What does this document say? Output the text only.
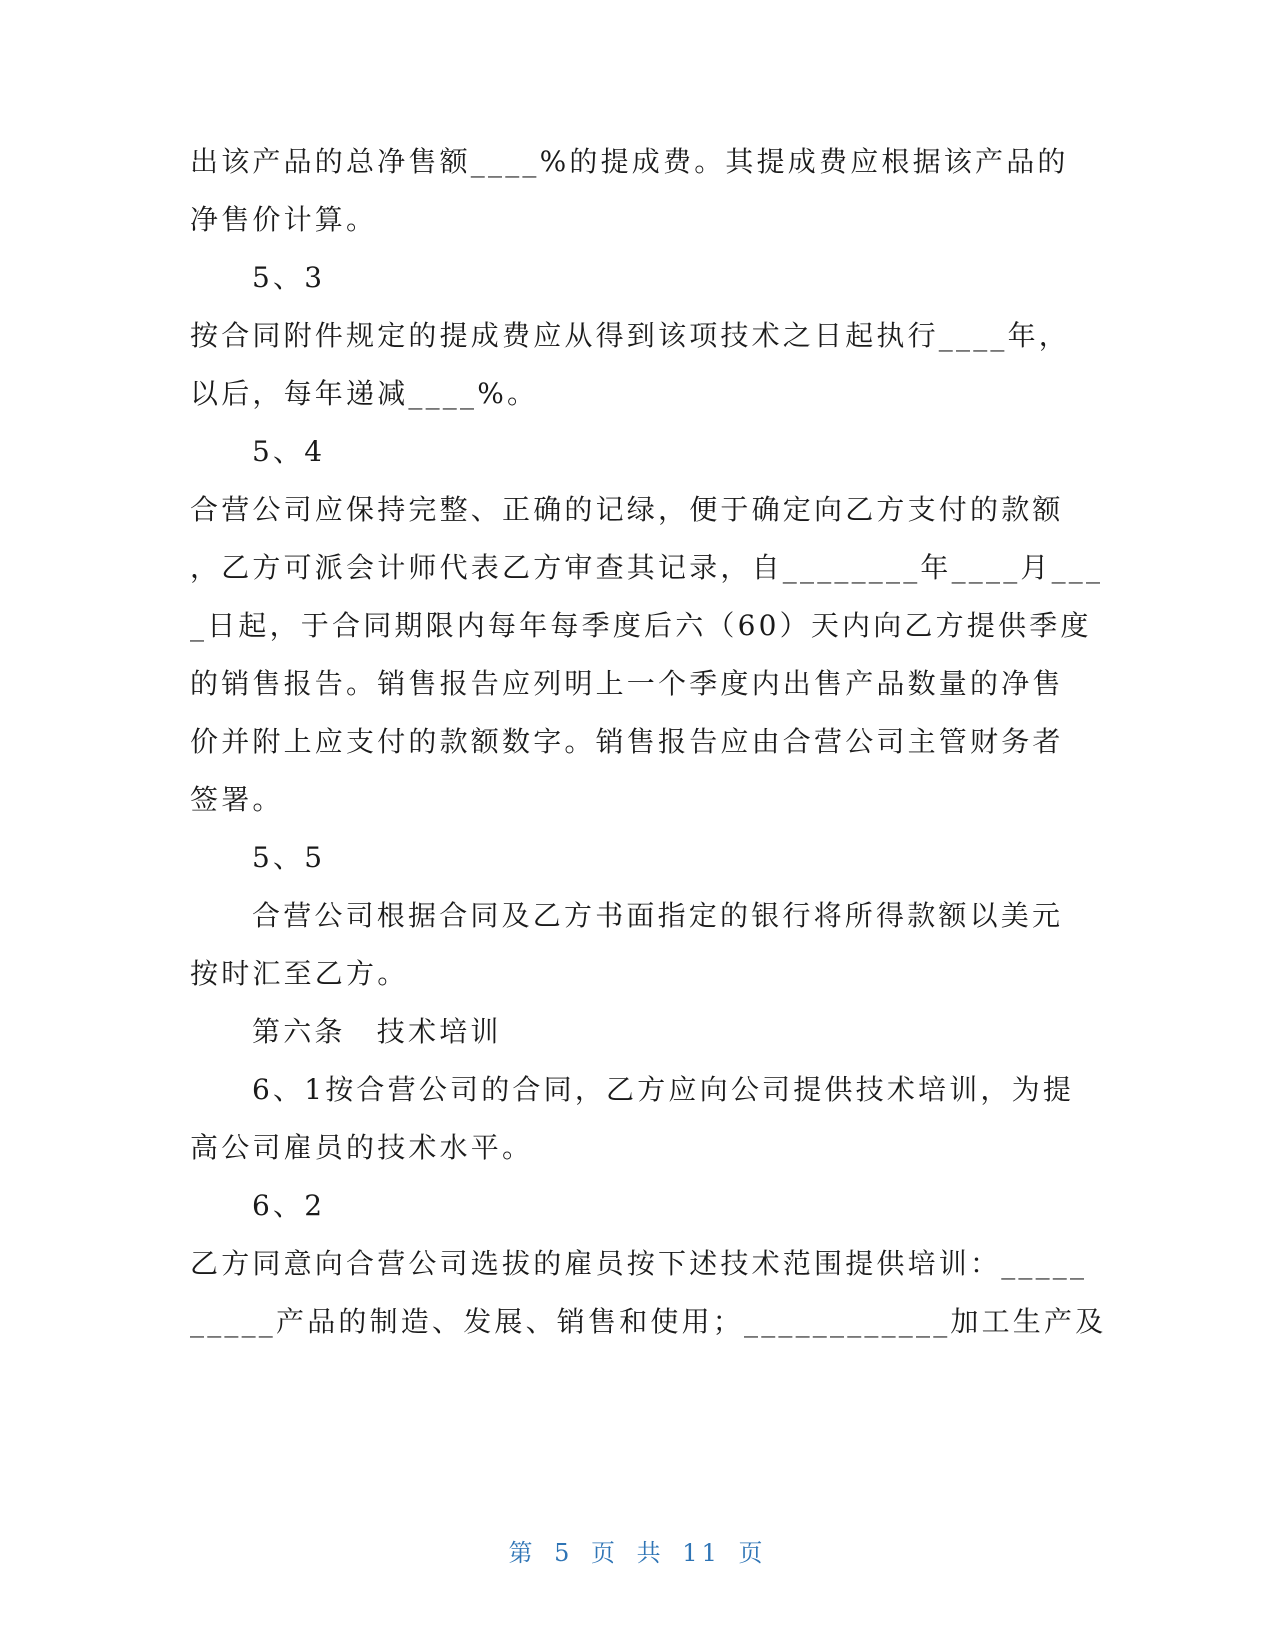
出该产品的总净售额____%的提成费。其提成费应根据该产品的
净售价计算。
5、3
按合同附件规定的提成费应从得到该项技术之日起执行____年，
以后，每年递减____%。
5、4
合营公司应保持完整、正确的记绿，便于确定向乙方支付的款额
，乙方可派会计师代表乙方审查其记录，自________年____月___
_日起，于合同期限内每年每季度后六（60）天内向乙方提供季度
的销售报告。销售报告应列明上一个季度内出售产品数量的净售
价并附上应支付的款额数字。销售报告应由合营公司主管财务者
签署。
5、5
合营公司根据合同及乙方书面指定的银行将所得款额以美元
按时汇至乙方。
第六条　技术培训
6、1按合营公司的合同，乙方应向公司提供技术培训，为提
高公司雇员的技术水平。
6、2
乙方同意向合营公司选拔的雇员按下述技术范围提供培训：_____
_____产品的制造、发展、销售和使用；____________加工生产及
第 5 页 共 11 页
